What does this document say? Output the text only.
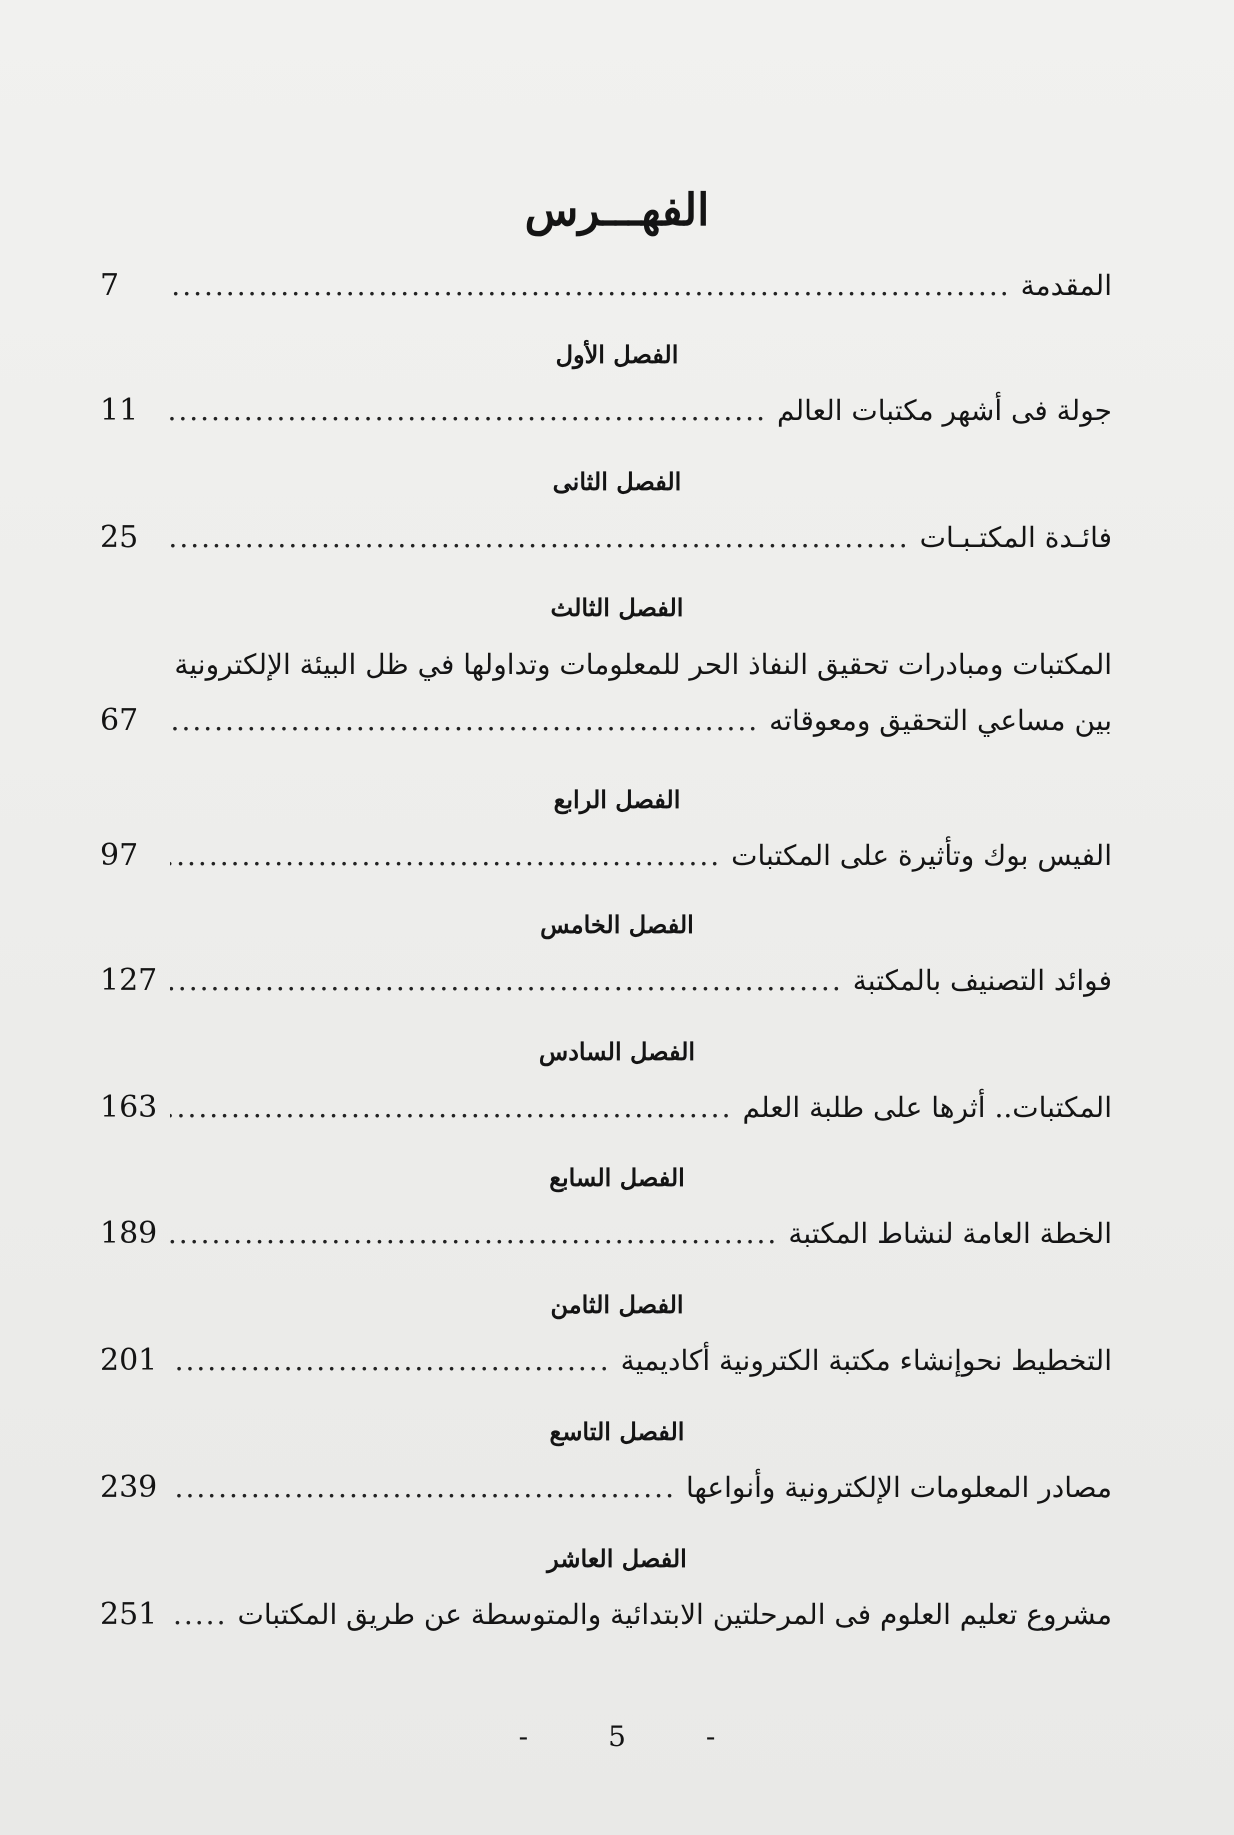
الفهـــرس
المقدمة
.....
7
الفصل الأول
جولة فى أشهر مكتبات العالم
.....
11
الفصل الثانى
فائـدة المكتـبـات
.....
25
الفصل الثالث
المكتبات ومبادرات تحقيق النفاذ الحر للمعلومات وتداولها في ظل البيئة الإلكترونية
بين مساعي التحقيق ومعوقاته
.....
67
الفصل الرابع
الفيس بوك وتأثيرة على المكتبات
.....
97
الفصل الخامس
فوائد التصنيف بالمكتبة
.....
127
الفصل السادس
المكتبات.. أثرها على طلبة العلم
.....
163
الفصل السابع
الخطة العامة لنشاط المكتبة
.....
189
الفصل الثامن
التخطيط نحوإنشاء مكتبة الكترونية أكاديمية
.....
201
الفصل التاسع
مصادر المعلومات الإلكترونية وأنواعها
.....
239
الفصل العاشر
مشروع تعليم العلوم فى المرحلتين الابتدائية والمتوسطة عن طريق المكتبات
.....
251
-	5	-
